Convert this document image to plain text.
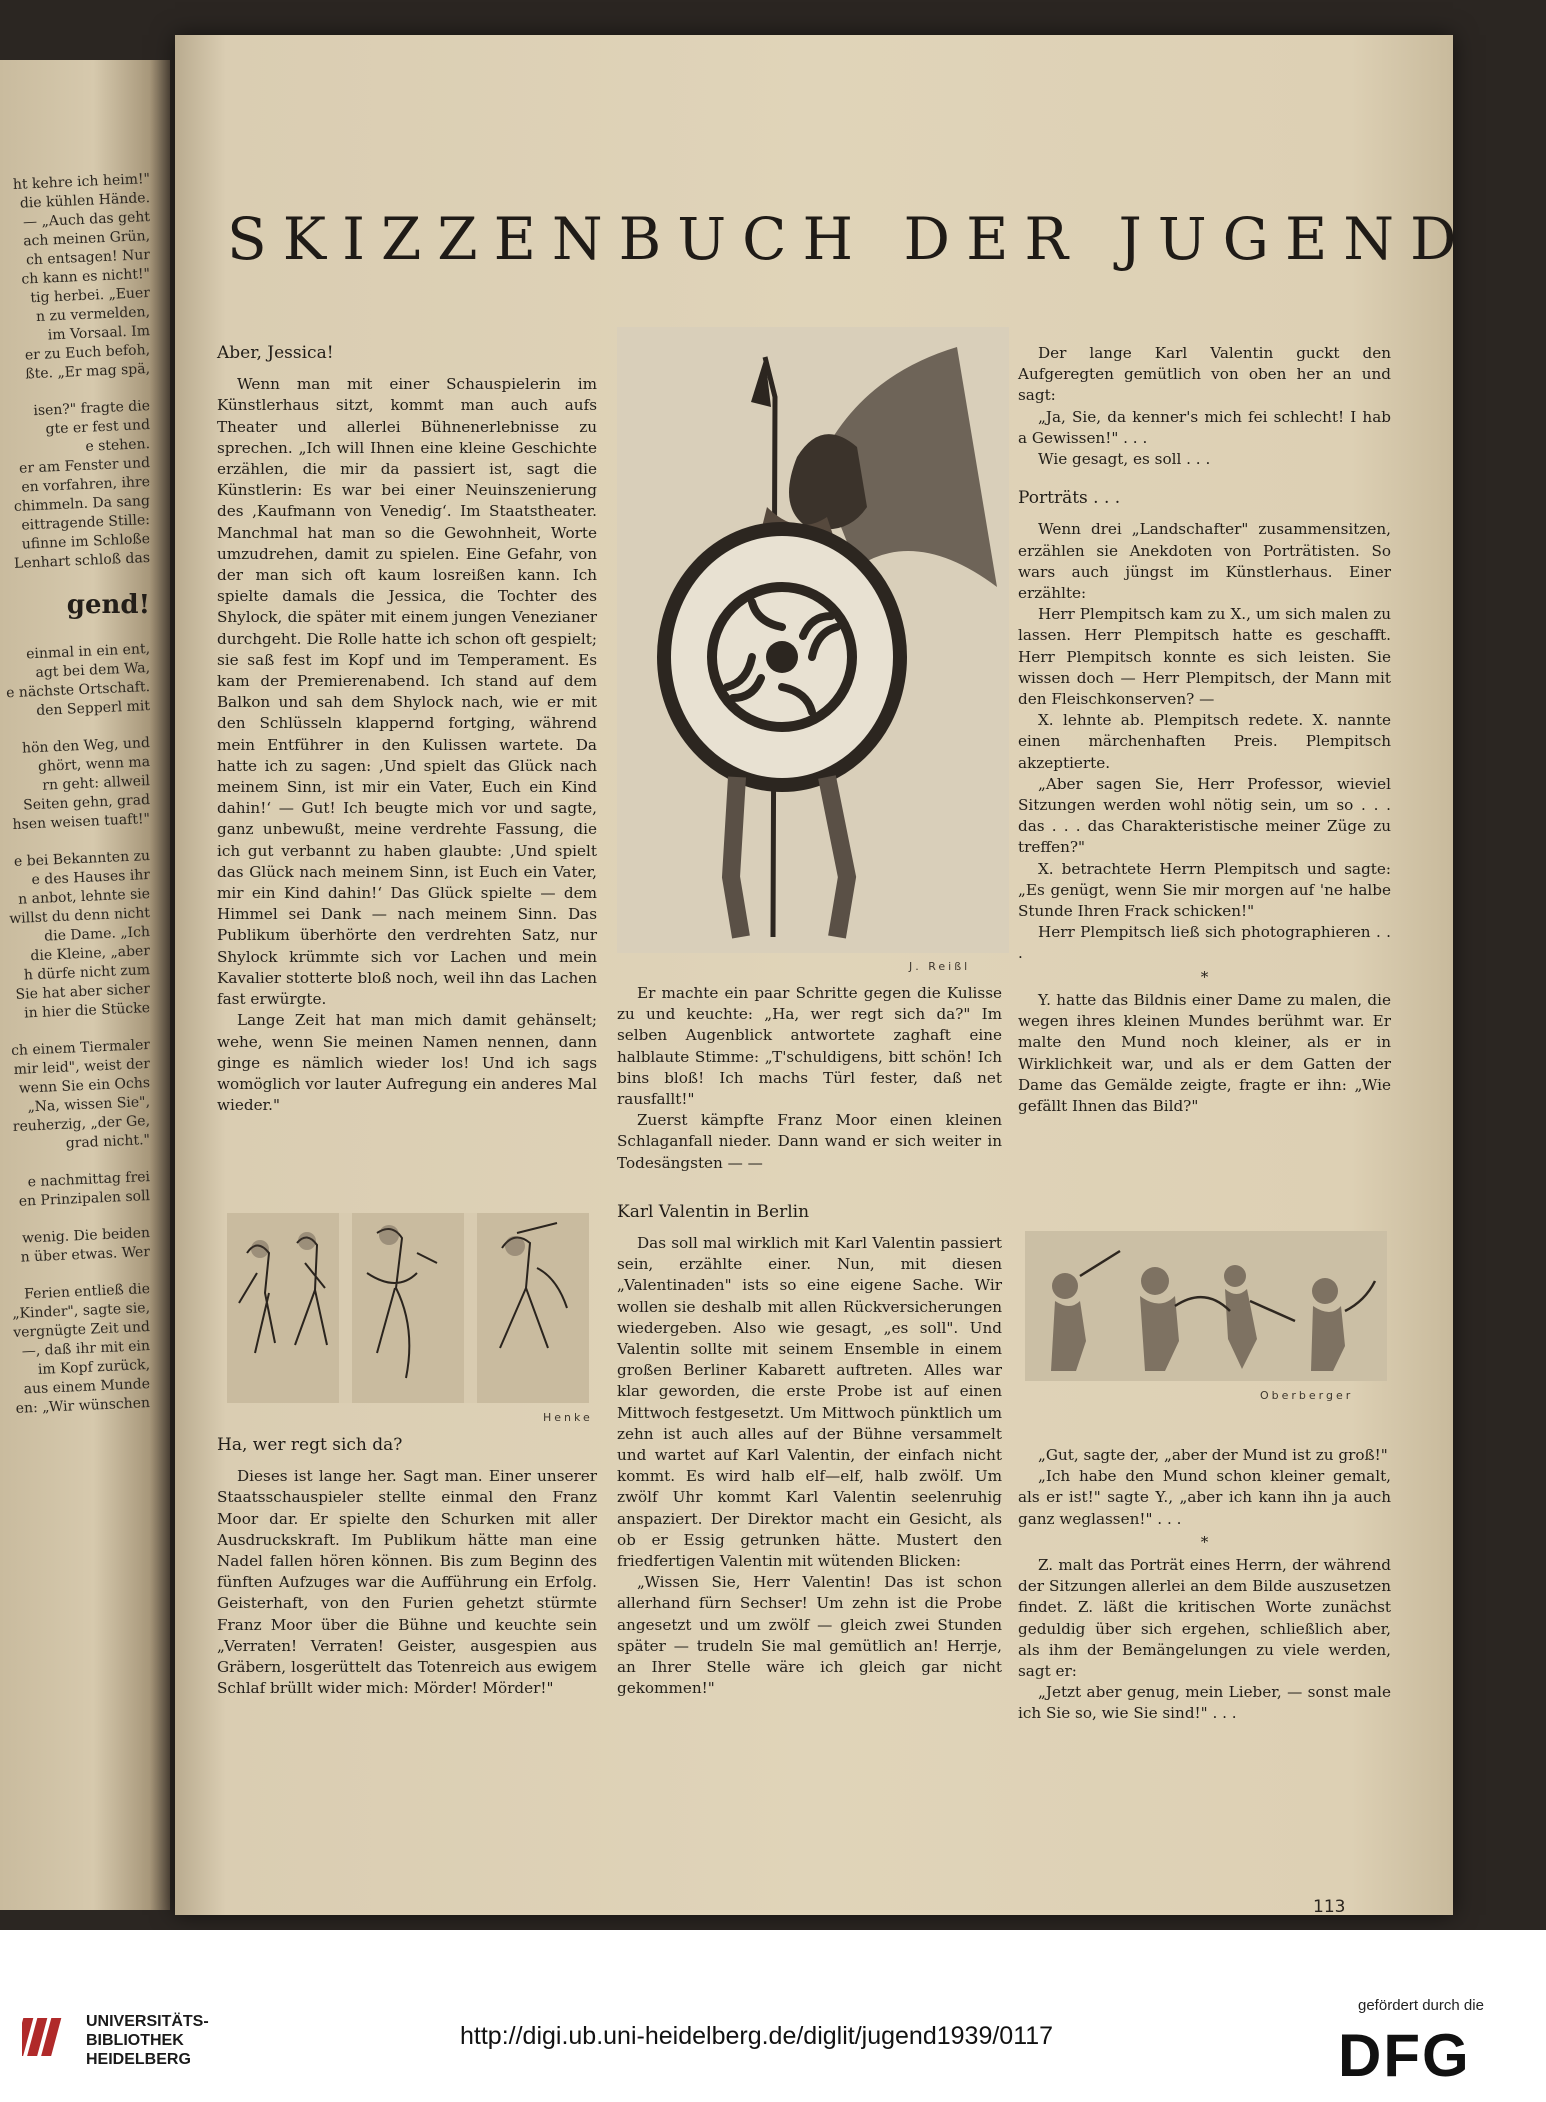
ht kehre ich heim!"
die kühlen Hände.
— „Auch das geht
ach meinen Grün,
ch entsagen! Nur
ch kann es nicht!"
tig herbei. „Euer
n zu vermelden,
im Vorsaal. Im
er zu Euch befoh,
ßte. „Er mag spä,
isen?" fragte die
gte er fest und
e stehen.
er am Fenster und
en vorfahren, ihre
chimmeln. Da sang
eittragende Stille:
ufinne im Schloße
Lenhart schloß das
gend!
einmal in ein ent,
agt bei dem Wa,
e nächste Ortschaft.
den Sepperl mit
hön den Weg, und
ghört, wenn ma
rn geht: allweil
Seiten gehn, grad
hsen weisen tuaft!"
e bei Bekannten zu
e des Hauses ihr
n anbot, lehnte sie
willst du denn nicht
die Dame. „Ich
die Kleine, „aber
h dürfe nicht zum
Sie hat aber sicher
in hier die Stücke
ch einem Tiermaler
mir leid", weist der
wenn Sie ein Ochs
„Na, wissen Sie",
reuherzig, „der Ge,
grad nicht."
e nachmittag frei
en Prinzipalen soll
wenig. Die beiden
n über etwas. Wer
Ferien entließ die
„Kinder", sagte sie,
vergnügte Zeit und
—, daß ihr mit ein
im Kopf zurück,
aus einem Munde
en: „Wir wünschen
SKIZZENBUCH DER JUGEND

Aber, Jessica!

Wenn man mit einer Schauspielerin im Künstlerhaus sitzt, kommt man auch aufs Theater und allerlei Bühnenerlebnisse zu sprechen. „Ich will Ihnen eine kleine Geschichte erzählen, die mir da passiert ist, sagt die Künstlerin: Es war bei einer Neuinszenierung des ‚Kaufmann von Venedig‘. Im Staatstheater. Manchmal hat man so die Gewohnheit, Worte umzudrehen, damit zu spielen. Eine Gefahr, von der man sich oft kaum losreißen kann. Ich spielte damals die Jessica, die Tochter des Shylock, die später mit einem jungen Venezianer durchgeht. Die Rolle hatte ich schon oft gespielt; sie saß fest im Kopf und im Temperament. Es kam der Premierenabend. Ich stand auf dem Balkon und sah dem Shylock nach, wie er mit den Schlüsseln klappernd fortging, während mein Entführer in den Kulissen wartete. Da hatte ich zu sagen: ‚Und spielt das Glück nach meinem Sinn, ist mir ein Vater, Euch ein Kind dahin!‘ — Gut! Ich beugte mich vor und sagte, ganz unbewußt, meine verdrehte Fassung, die ich gut verbannt zu haben glaubte: ‚Und spielt das Glück nach meinem Sinn, ist Euch ein Vater, mir ein Kind dahin!‘ Das Glück spielte — dem Himmel sei Dank — nach meinem Sinn. Das Publikum überhörte den verdrehten Satz, nur Shylock krümmte sich vor Lachen und mein Kavalier stotterte bloß noch, weil ihn das Lachen fast erwürgte.

Lange Zeit hat man mich damit gehänselt; wehe, wenn Sie meinen Namen nennen, dann ginge es nämlich wieder los! Und ich sags womöglich vor lauter Aufregung ein anderes Mal wieder."

Henke

Ha, wer regt sich da?

Dieses ist lange her. Sagt man. Einer unserer Staatsschauspieler stellte einmal den Franz Moor dar. Er spielte den Schurken mit aller Ausdruckskraft. Im Publikum hätte man eine Nadel fallen hören können. Bis zum Beginn des fünften Aufzuges war die Aufführung ein Erfolg. Geisterhaft, von den Furien gehetzt stürmte Franz Moor über die Bühne und keuchte sein „Verraten! Verraten! Geister, ausgespien aus Gräbern, losgerüttelt das Totenreich aus ewigem Schlaf brüllt wider mich: Mörder! Mörder!"

J. Reißl

Er machte ein paar Schritte gegen die Kulisse zu und keuchte: „Ha, wer regt sich da?" Im selben Augenblick antwortete zaghaft eine halblaute Stimme: „T'schuldigens, bitt schön! Ich bins bloß! Ich machs Türl fester, daß net rausfallt!"

Zuerst kämpfte Franz Moor einen kleinen Schlaganfall nieder. Dann wand er sich weiter in Todesängsten — —

Karl Valentin in Berlin

Das soll mal wirklich mit Karl Valentin passiert sein, erzählte einer. Nun, mit diesen „Valentinaden" ists so eine eigene Sache. Wir wollen sie deshalb mit allen Rückversicherungen wiedergeben. Also wie gesagt, „es soll". Und Valentin sollte mit seinem Ensemble in einem großen Berliner Kabarett auftreten. Alles war klar geworden, die erste Probe ist auf einen Mittwoch festgesetzt. Um Mittwoch pünktlich um zehn ist auch alles auf der Bühne versammelt und wartet auf Karl Valentin, der einfach nicht kommt. Es wird halb elf—elf, halb zwölf. Um zwölf Uhr kommt Karl Valentin seelenruhig anspaziert. Der Direktor macht ein Gesicht, als ob er Essig getrunken hätte. Mustert den friedfertigen Valentin mit wütenden Blicken:

„Wissen Sie, Herr Valentin! Das ist schon allerhand fürn Sechser! Um zehn ist die Probe angesetzt und um zwölf — gleich zwei Stunden später — trudeln Sie mal gemütlich an! Herrje, an Ihrer Stelle wäre ich gleich gar nicht gekommen!"

Der lange Karl Valentin guckt den Aufgeregten gemütlich von oben her an und sagt:

„Ja, Sie, da kenner's mich fei schlecht! I hab a Gewissen!" . . .

Wie gesagt, es soll . . .

Porträts . . .

Wenn drei „Landschafter" zusammensitzen, erzählen sie Anekdoten von Porträtisten. So wars auch jüngst im Künstlerhaus. Einer erzählte:

Herr Plempitsch kam zu X., um sich malen zu lassen. Herr Plempitsch hatte es geschafft. Herr Plempitsch konnte es sich leisten. Sie wissen doch — Herr Plempitsch, der Mann mit den Fleischkonserven? —

X. lehnte ab. Plempitsch redete. X. nannte einen märchenhaften Preis. Plempitsch akzeptierte.

„Aber sagen Sie, Herr Professor, wieviel Sitzungen werden wohl nötig sein, um so . . . das . . . das Charakteristische meiner Züge zu treffen?"

X. betrachtete Herrn Plempitsch und sagte: „Es genügt, wenn Sie mir morgen auf 'ne halbe Stunde Ihren Frack schicken!"

Herr Plempitsch ließ sich photographieren . . .

*

Y. hatte das Bildnis einer Dame zu malen, die wegen ihres kleinen Mundes berühmt war. Er malte den Mund noch kleiner, als er in Wirklichkeit war, und als er dem Gatten der Dame das Gemälde zeigte, fragte er ihn: „Wie gefällt Ihnen das Bild?"

Oberberger

„Gut, sagte der, „aber der Mund ist zu groß!"

„Ich habe den Mund schon kleiner gemalt, als er ist!" sagte Y., „aber ich kann ihn ja auch ganz weglassen!" . . .

*

Z. malt das Porträt eines Herrn, der während der Sitzungen allerlei an dem Bilde auszusetzen findet. Z. läßt die kritischen Worte zunächst geduldig über sich ergehen, schließlich aber, als ihm der Bemängelungen zu viele werden, sagt er:

„Jetzt aber genug, mein Lieber, — sonst male ich Sie so, wie Sie sind!" . . .

113
UNIVERSITÄTS-
BIBLIOTHEK
HEIDELBERG
http://digi.ub.uni-heidelberg.de/diglit/jugend1939/0117
gefördert durch die
DFG
